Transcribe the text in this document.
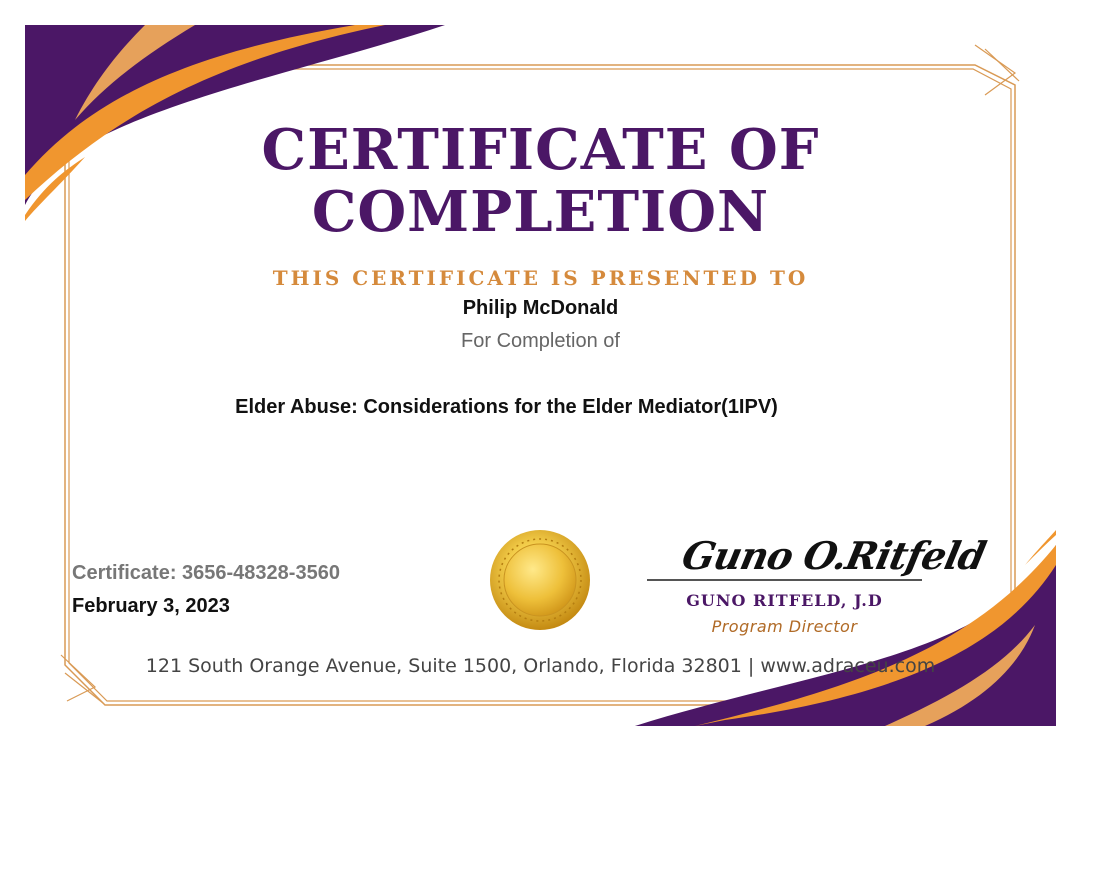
CERTIFICATE OF
COMPLETION
THIS CERTIFICATE IS PRESENTED TO
Philip McDonald
For Completion of
Elder Abuse: Considerations for the Elder Mediator(1IPV)
Certificate: 3656-48328-3560
February 3, 2023
Guno O.Ritfeld
GUNO RITFELD, J.D
Program Director
121 South Orange Avenue, Suite 1500, Orlando, Florida 32801 | www.adraceu.com
